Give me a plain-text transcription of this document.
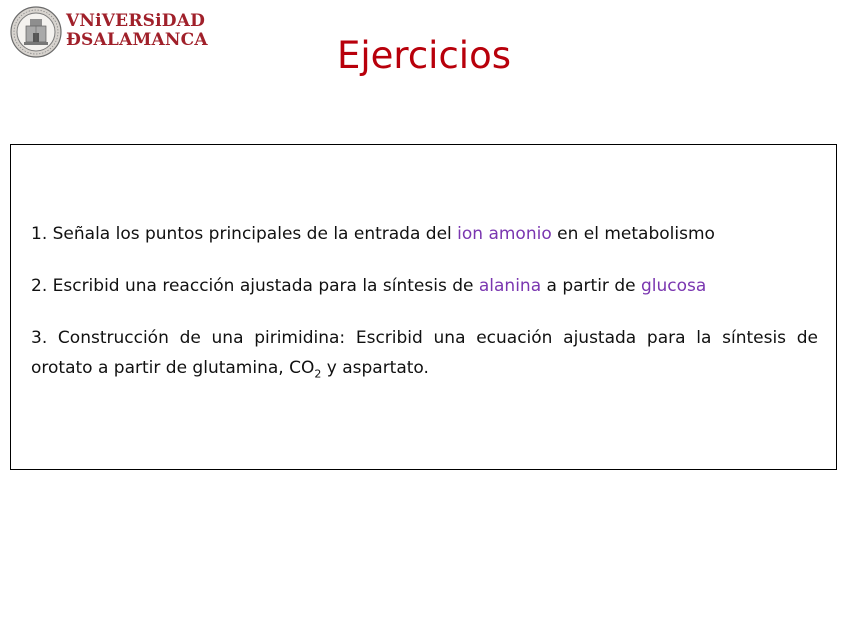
VNiVERSiDAD
ÐSALAMANCA	Ejercicios
1. Señala los puntos principales de la entrada del ion amonio en el metabolismo
2. Escribid una reacción ajustada para la síntesis de alanina a partir de glucosa
3. Construcción de una pirimidina: Escribid una ecuación ajustada para la síntesis de orotato a partir de glutamina, $CO_2$ y aspartato.
